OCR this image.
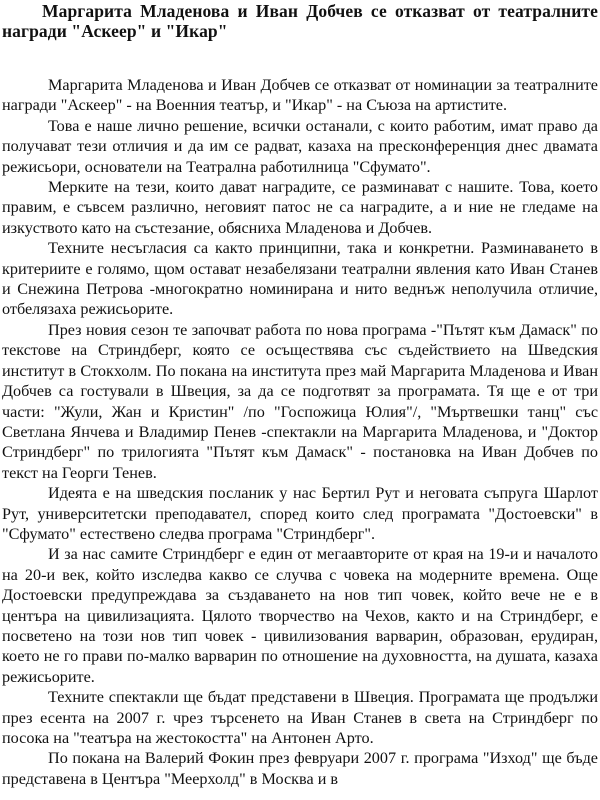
Маргарита Младенова и Иван Добчев се отказват от театралните награди "Аскеер" и "Икар"

Маргарита Младенова и Иван Добчев се отказват от номинации за театралните награди "Аскеер" - на Военния театър, и "Икар" - на Съюза на артистите.

Това е наше лично решение, всички останали, с които работим, имат право да получават тези отличия и да им се радват, казаха на пресконференция днес двамата режисьори, основатели на Театрална работилница "Сфумато".

Мерките на тези, които дават наградите, се разминават с нашите. Това, което правим, е съвсем различно, неговият патос не са наградите, а и ние не гледаме на изкуството като на състезание, обясниха Младенова и Добчев.

Техните несъгласия са както принципни, така и конкретни. Разминаването в критериите е голямо, щом остават незабелязани театрални явления като Иван Станев и Снежина Петрова -многократно номинирана и нито веднъж неполучила отличие, отбелязаха режисьорите.

През новия сезон те започват работа по нова програма -"Пътят към Дамаск" по текстове на Стриндберг, която се осъществява със съдействието на Шведския институт в Стокхолм. По покана на института през май Маргарита Младенова и Иван Добчев са гостували в Швеция, за да се подготвят за програмата. Тя ще е от три части: "Жули, Жан и Кристин" /по "Госпожица Юлия"/, "Мъртвешки танц" със Светлана Янчева и Владимир Пенев -спектакли на Маргарита Младенова, и "Доктор Стриндберг" по трилогията "Пътят към Дамаск" - постановка на Иван Добчев по текст на Георги Тенев.

Идеята е на шведския посланик у нас Бертил Рут и неговата съпруга Шарлот Рут, университетски преподавател, според които след програмата "Достоевски" в "Сфумато" естествено следва програма "Стриндберг".

И за нас самите Стриндберг е един от мегаавторите от края на 19-и и началото на 20-и век, който изследва какво се случва с човека на модерните времена. Още Достоевски предупреждава за създаването на нов тип човек, който вече не е в центъра на цивилизацията. Цялото творчество на Чехов, както и на Стриндберг, е посветено на този нов тип човек - цивилизования варварин, образован, ерудиран, което не го прави по-малко варварин по отношение на духовността, на душата, казаха режисьорите.

Техните спектакли ще бъдат представени в Швеция. Програмата ще продължи през есента на 2007 г. чрез търсенето на Иван Станев в света на Стриндберг по посока на "театъра на жестокостта" на Антонен Арто.

По покана на Валерий Фокин през февруари 2007 г. програма "Изход" ще бъде представена в Центъра "Меерхолд" в Москва и в
